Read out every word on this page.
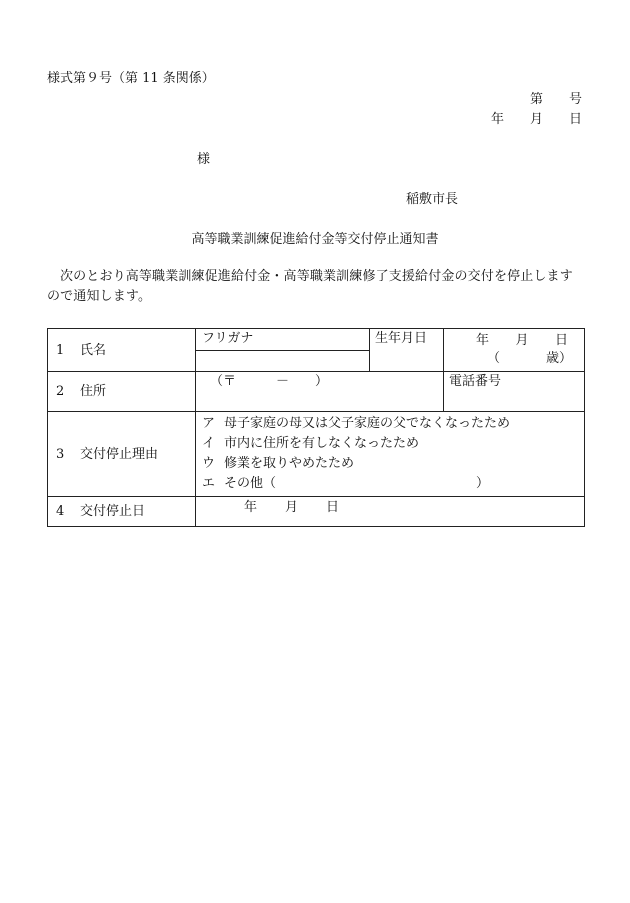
様式第９号（第 11 条関係）
第 号
年 月 日
様
稲敷市長
高等職業訓練促進給付金等交付停止通知書
次のとおり高等職業訓練促進給付金・高等職業訓練修了支援給付金の交付を停止しますので通知します。
1 氏名	フリガナ	生年月日	年 月 日
（ 歳）

2 住所	（〒 － ）		電話番号
3 交付停止理由	ア 母子家庭の母又は父子家庭の父でなくなったため
イ 市内に住所を有しなくなったため
ウ 修業を取りやめたため
エ その他（ ）		

4 交付停止日	年 月 日		
